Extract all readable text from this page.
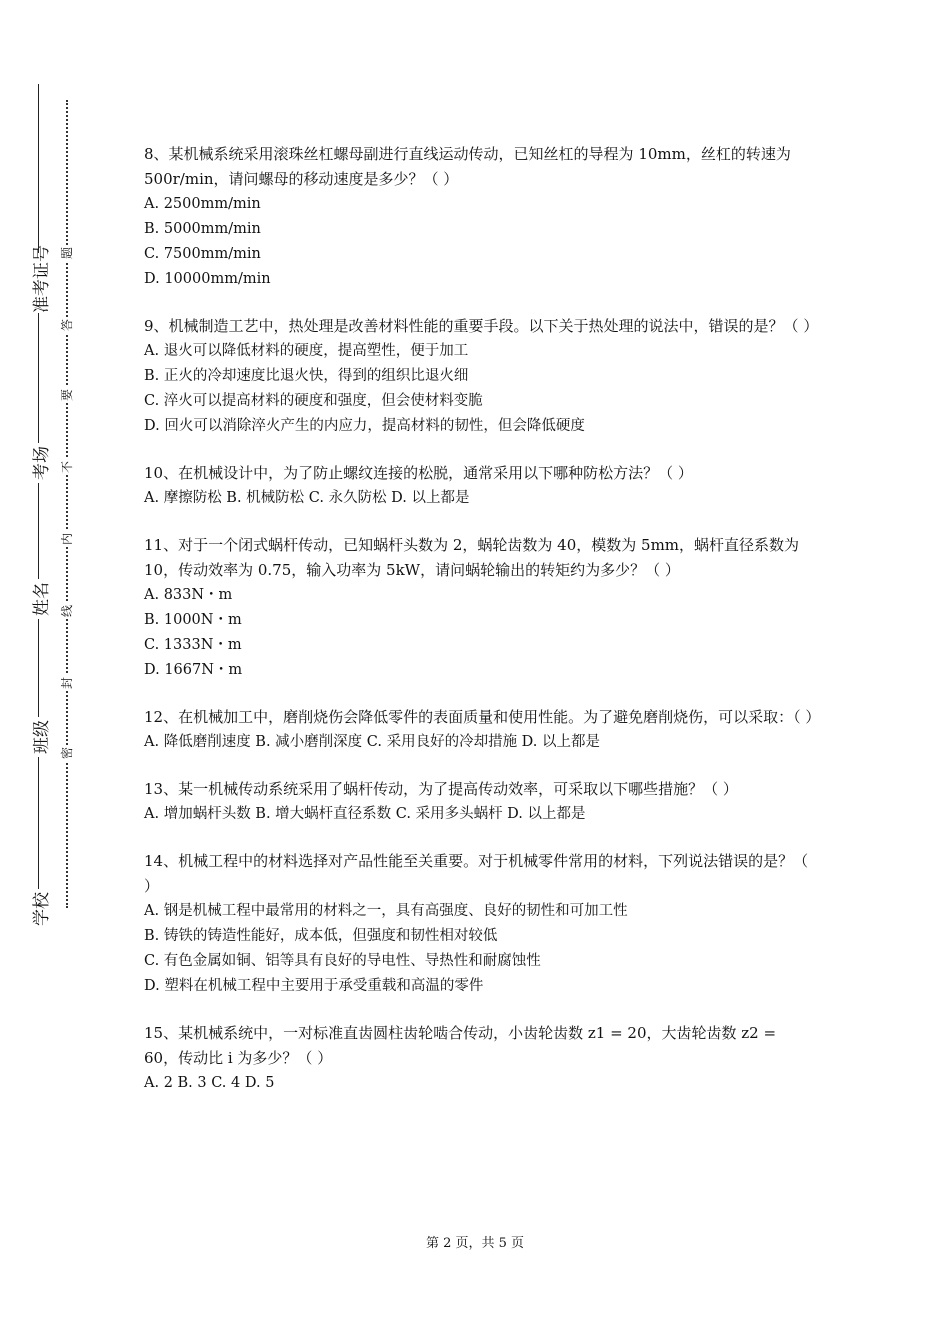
准考证号
考场
姓名
班级
学校
题
答
要
不
内
线
封
密
8、某机械系统采用滚珠丝杠螺母副进行直线运动传动，已知丝杠的导程为 10mm，丝杠的转速为 500r/min，请问螺母的移动速度是多少？（ ）
A. 2500mm/min
B. 5000mm/min
C. 7500mm/min
D. 10000mm/min
9、机械制造工艺中，热处理是改善材料性能的重要手段。以下关于热处理的说法中，错误的是？（ ）
A. 退火可以降低材料的硬度，提高塑性，便于加工
B. 正火的冷却速度比退火快，得到的组织比退火细
C. 淬火可以提高材料的硬度和强度，但会使材料变脆
D. 回火可以消除淬火产生的内应力，提高材料的韧性，但会降低硬度
10、在机械设计中，为了防止螺纹连接的松脱，通常采用以下哪种防松方法？（ ）
A. 摩擦防松 B. 机械防松 C. 永久防松 D. 以上都是
11、对于一个闭式蜗杆传动，已知蜗杆头数为 2，蜗轮齿数为 40，模数为 5mm，蜗杆直径系数为 10，传动效率为 0.75，输入功率为 5kW，请问蜗轮输出的转矩约为多少？（ ）
A. 833N・m
B. 1000N・m
C. 1333N・m
D. 1667N・m
12、在机械加工中，磨削烧伤会降低零件的表面质量和使用性能。为了避免磨削烧伤，可以采取：（ ）
A. 降低磨削速度 B. 减小磨削深度 C. 采用良好的冷却措施 D. 以上都是
13、某一机械传动系统采用了蜗杆传动，为了提高传动效率，可采取以下哪些措施？（ ）
A. 增加蜗杆头数 B. 增大蜗杆直径系数 C. 采用多头蜗杆 D. 以上都是
14、机械工程中的材料选择对产品性能至关重要。对于机械零件常用的材料，下列说法错误的是？（ ）
A. 钢是机械工程中最常用的材料之一，具有高强度、良好的韧性和可加工性
B. 铸铁的铸造性能好，成本低，但强度和韧性相对较低
C. 有色金属如铜、铝等具有良好的导电性、导热性和耐腐蚀性
D. 塑料在机械工程中主要用于承受重载和高温的零件
15、某机械系统中，一对标准直齿圆柱齿轮啮合传动，小齿轮齿数 z1 = 20，大齿轮齿数 z2 = 60，传动比 i 为多少？（ ）
A. 2 B. 3 C. 4 D. 5
第 2 页，共 5 页
